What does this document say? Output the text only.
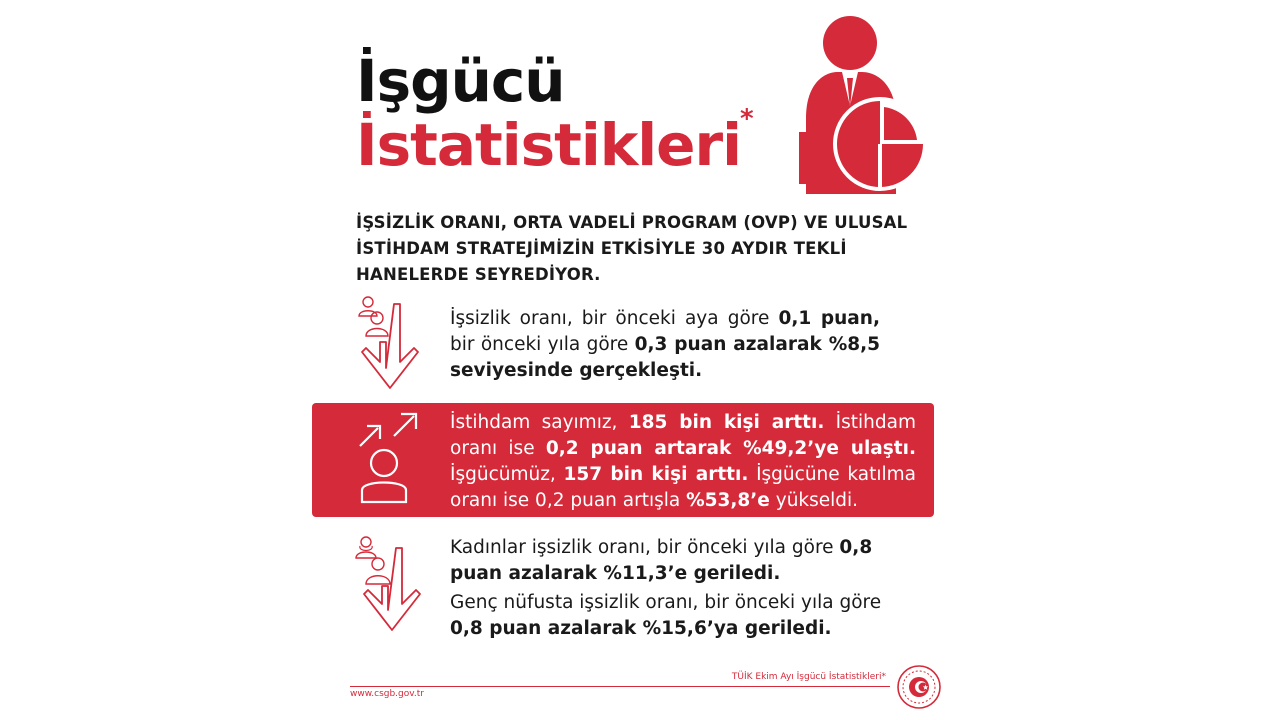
İşgücü
İstatistikleri *
İŞSİZLİK ORANI, ORTA VADELİ PROGRAM (OVP) VE ULUSAL İSTİHDAM STRATEJİMİZİN ETKİSİYLE 30 AYDIR TEKLİ HANELERDE SEYREDİYOR.
İşsizlik oranı, bir önceki aya göre 0,1 puan, bir önceki yıla göre 0,3 puan azalarak %8,5 seviyesinde gerçekleşti.
İstihdam sayımız, 185 bin kişi arttı. İstihdam oranı ise 0,2 puan artarak %49,2’ye ulaştı. İşgücümüz, 157 bin kişi arttı. İşgücüne katılma oranı ise 0,2 puan artışla %53,8’e yükseldi.
Kadınlar işsizlik oranı, bir önceki yıla göre 0,8 puan azalarak %11,3’e geriledi.
Genç nüfusta işsizlik oranı, bir önceki yıla göre 0,8 puan azalarak %15,6’ya geriledi.
TÜİK Ekim Ayı İşgücü İstatistikleri*
www.csgb.gov.tr
